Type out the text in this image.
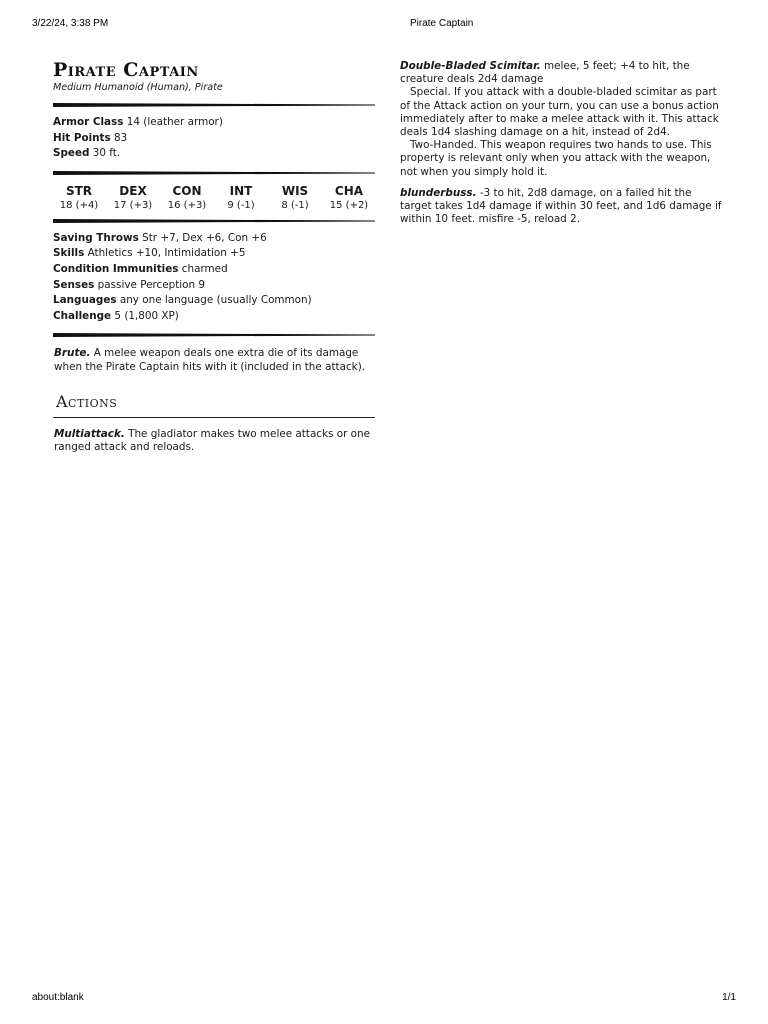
3/22/24, 3:38 PM	Pirate Captain
Pirate Captain
Medium Humanoid (Human), Pirate
Armor Class 14 (leather armor)
Hit Points 83
Speed 30 ft.
STR
18 (+4)
DEX
17 (+3)
CON
16 (+3)
INT
9 (-1)
WIS
8 (-1)
CHA
15 (+2)
Saving Throws Str +7, Dex +6, Con +6
Skills Athletics +10, Intimidation +5
Condition Immunities charmed
Senses passive Perception 9
Languages any one language (usually Common)
Challenge 5 (1,800 XP)
Brute. A melee weapon deals one extra die of its damage when the Pirate Captain hits with it (included in the attack).
Actions
Multiattack. The gladiator makes two melee attacks or one ranged attack and reloads.

Double-Bladed Scimitar. melee, 5 feet; +4 to hit, the creature deals 2d4 damage

Special. If you attack with a double-bladed scimitar as part of the Attack action on your turn, you can use a bonus action immediately after to make a melee attack with it. This attack deals 1d4 slashing damage on a hit, instead of 2d4.

Two-Handed. This weapon requires two hands to use. This property is relevant only when you attack with the weapon, not when you simply hold it.

blunderbuss. -3 to hit, 2d8 damage, on a failed hit the target takes 1d4 damage if within 30 feet, and 1d6 damage if within 10 feet. misfire -5, reload 2.

about:blank	1/1
